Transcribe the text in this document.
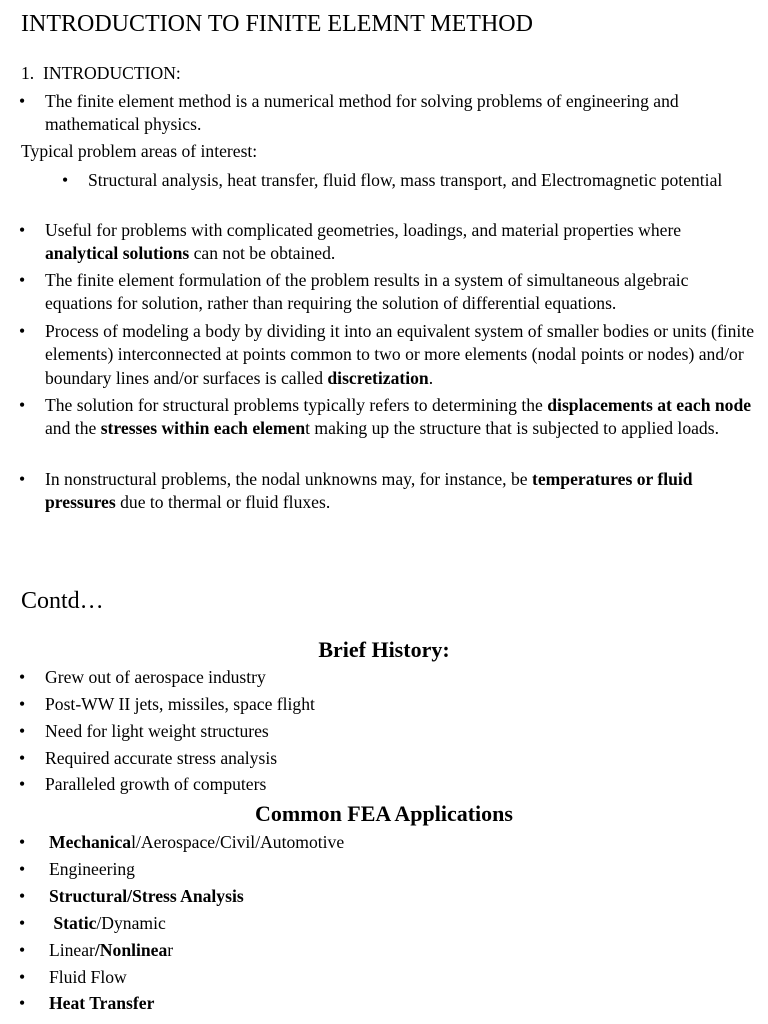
INTRODUCTION TO FINITE ELEMNT METHOD
1. INTRODUCTION:
• The finite element method is a numerical method for solving problems of engineering and mathematical physics.
Typical problem areas of interest:
• Structural analysis, heat transfer, fluid flow, mass transport, and Electromagnetic potential
• Useful for problems with complicated geometries, loadings, and material properties where analytical solutions can not be obtained.
• The finite element formulation of the problem results in a system of simultaneous algebraic equations for solution, rather than requiring the solution of differential equations.
• Process of modeling a body by dividing it into an equivalent system of smaller bodies or units (finite elements) interconnected at points common to two or more elements (nodal points or nodes) and/or boundary lines and/or surfaces is called discretization.
• The solution for structural problems typically refers to determining the displacements at each node and the stresses within each element making up the structure that is subjected to applied loads.
• In nonstructural problems, the nodal unknowns may, for instance, be temperatures or fluid pressures due to thermal or fluid fluxes.
Contd…
Brief History:
• Grew out of aerospace industry
• Post-WW II jets, missiles, space flight
• Need for light weight structures
• Required accurate stress analysis
• Paralleled growth of computers
Common FEA Applications
• Mechanical/Aerospace/Civil/Automotive
• Engineering
• Structural/Stress Analysis
• Static/Dynamic
• Linear/Nonlinear
• Fluid Flow
• Heat Transfer
